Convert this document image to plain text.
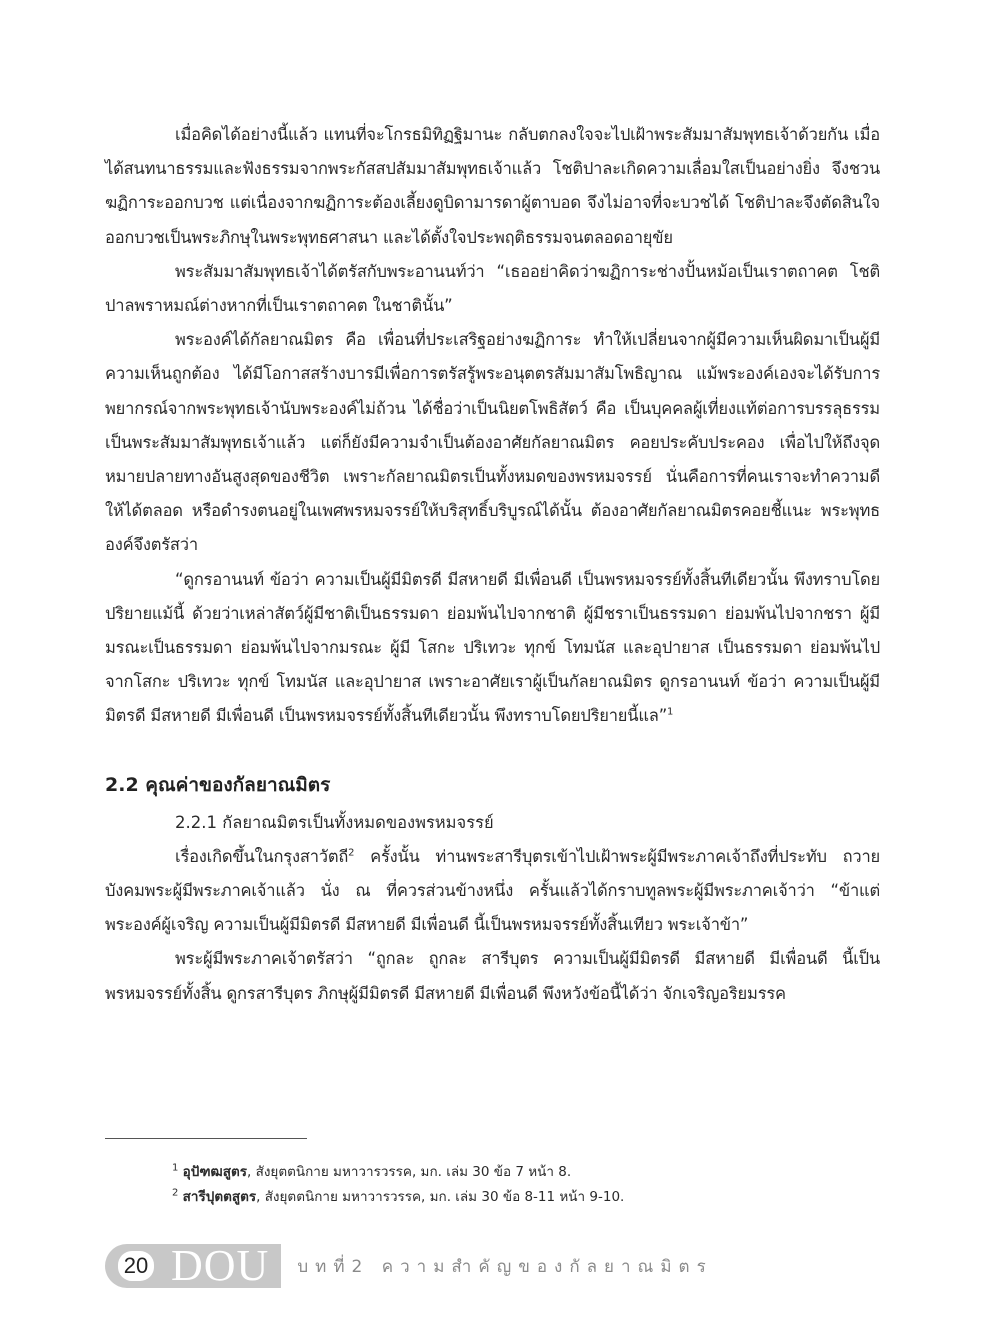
เมื่อคิดได้อย่างนี้แล้ว แทนที่จะโกรธมิทิฏฐิมานะ กลับตกลงใจจะไปเฝ้าพระสัมมาสัมพุทธเจ้าด้วยกัน เมื่อได้สนทนาธรรมและฟังธรรมจากพระกัสสปสัมมาสัมพุทธเจ้าแล้ว โชติปาละเกิดความเลื่อมใสเป็นอย่างยิ่ง จึงชวนฆฏิการะออกบวช แต่เนื่องจากฆฏิการะต้องเลี้ยงดูบิดามารดาผู้ตาบอด จึงไม่อาจที่จะบวชได้ โชติปาละจึงตัดสินใจออกบวชเป็นพระภิกษุในพระพุทธศาสนา และได้ตั้งใจประพฤติธรรมจนตลอดอายุขัย

พระสัมมาสัมพุทธเจ้าได้ตรัสกับพระอานนท์ว่า “เธออย่าคิดว่าฆฏิการะช่างปั้นหม้อเป็นเราตถาคต โชติปาลพราหมณ์ต่างหากที่เป็นเราตถาคต ในชาตินั้น”

พระองค์ได้กัลยาณมิตร คือ เพื่อนที่ประเสริฐอย่างฆฏิการะ ทำให้เปลี่ยนจากผู้มีความเห็นผิดมาเป็นผู้มีความเห็นถูกต้อง ได้มีโอกาสสร้างบารมีเพื่อการตรัสรู้พระอนุตตรสัมมาสัมโพธิญาณ แม้พระองค์เองจะได้รับการพยากรณ์จากพระพุทธเจ้านับพระองค์ไม่ถ้วน ได้ชื่อว่าเป็นนิยตโพธิสัตว์ คือ เป็นบุคคลผู้เที่ยงแท้ต่อการบรรลุธรรมเป็นพระสัมมาสัมพุทธเจ้าแล้ว แต่ก็ยังมีความจำเป็นต้องอาศัยกัลยาณมิตร คอยประคับประคอง เพื่อไปให้ถึงจุดหมายปลายทางอันสูงสุดของชีวิต เพราะกัลยาณมิตรเป็นทั้งหมดของพรหมจรรย์ นั่นคือการที่คนเราจะทำความดีให้ได้ตลอด หรือดำรงตนอยู่ในเพศพรหมจรรย์ให้บริสุทธิ์บริบูรณ์ได้นั้น ต้องอาศัยกัลยาณมิตรคอยชี้แนะ พระพุทธองค์จึงตรัสว่า

“ดูกรอานนท์ ข้อว่า ความเป็นผู้มีมิตรดี มีสหายดี มีเพื่อนดี เป็นพรหมจรรย์ทั้งสิ้นทีเดียวนั้น พึงทราบโดยปริยายแม้นี้ ด้วยว่าเหล่าสัตว์ผู้มีชาติเป็นธรรมดา ย่อมพ้นไปจากชาติ ผู้มีชราเป็นธรรมดา ย่อมพ้นไปจากชรา ผู้มีมรณะเป็นธรรมดา ย่อมพ้นไปจากมรณะ ผู้มี โสกะ ปริเทวะ ทุกข์ โทมนัส และอุปายาส เป็นธรรมดา ย่อมพ้นไปจากโสกะ ปริเทวะ ทุกข์ โทมนัส และอุปายาส เพราะอาศัยเราผู้เป็นกัลยาณมิตร ดูกรอานนท์ ข้อว่า ความเป็นผู้มีมิตรดี มีสหายดี มีเพื่อนดี เป็นพรหมจรรย์ทั้งสิ้นทีเดียวนั้น พึงทราบโดยปริยายนี้แล”$^1$

2.2 คุณค่าของกัลยาณมิตร

2.2.1 กัลยาณมิตรเป็นทั้งหมดของพรหมจรรย์

เรื่องเกิดขึ้นในกรุงสาวัตถี$^2$ ครั้งนั้น ท่านพระสารีบุตรเข้าไปเฝ้าพระผู้มีพระภาคเจ้าถึงที่ประทับ ถวายบังคมพระผู้มีพระภาคเจ้าแล้ว นั่ง ณ ที่ควรส่วนข้างหนึ่ง ครั้นแล้วได้กราบทูลพระผู้มีพระภาคเจ้าว่า “ข้าแต่พระองค์ผู้เจริญ ความเป็นผู้มีมิตรดี มีสหายดี มีเพื่อนดี นี้เป็นพรหมจรรย์ทั้งสิ้นเทียว พระเจ้าข้า”

พระผู้มีพระภาคเจ้าตรัสว่า “ถูกละ ถูกละ สารีบุตร ความเป็นผู้มีมิตรดี มีสหายดี มีเพื่อนดี นี้เป็นพรหมจรรย์ทั้งสิ้น ดูกรสารีบุตร ภิกษุผู้มีมิตรดี มีสหายดี มีเพื่อนดี พึงหวังข้อนี้ได้ว่า จักเจริญอริยมรรค

$^1$ อุปัฑฒสูตร, สังยุตตนิกาย มหาวารวรรค, มก. เล่ม 30 ข้อ 7 หน้า 8.
$^2$ สารีปุตตสูตร, สังยุตตนิกาย มหาวารวรรค, มก. เล่ม 30 ข้อ 8-11 หน้า 9-10.
20 DOU	บทที่2 ความสำคัญของกัลยาณมิตร
